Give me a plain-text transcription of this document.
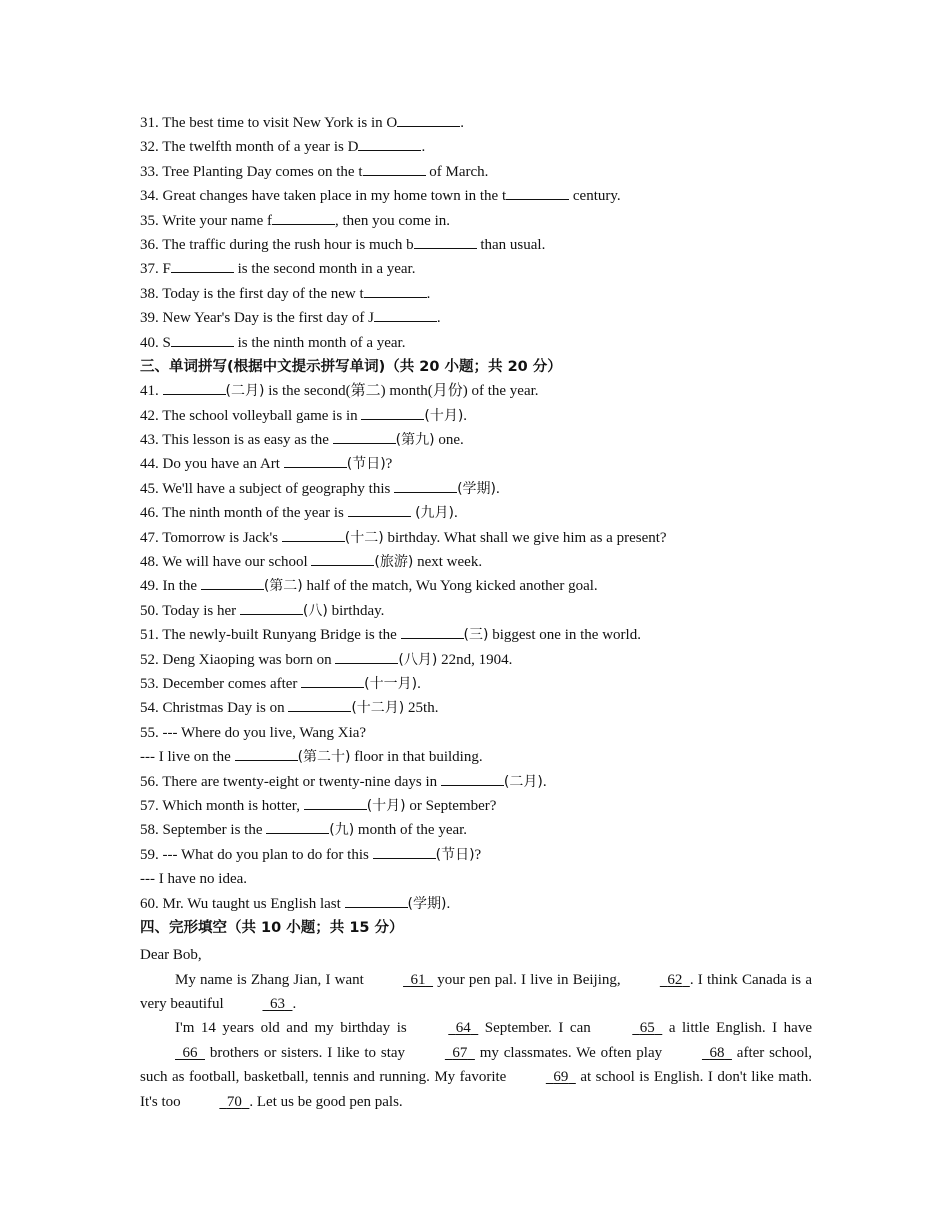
31. The best time to visit New York is in O	.
32. The twelfth month of a year is D	.
33. Tree Planting Day comes on the t	of March.
34. Great changes have taken place in my home town in the t	century.
35. Write your name f	, then you come in.
36. The traffic during the rush hour is much b	than usual.
37. F	is the second month in a year.
38. Today is the first day of the new t	.
39. New Year's Day is the first day of J	.
40. S	is the ninth month of a year.
三、单词拼写(根据中文提示拼写单词)（共 20 小题；共 20 分）
41.	(二月) is the second(第二) month(月份) of the year.
42. The school volleyball game is in	(十月).
43. This lesson is as easy as the	(第九) one.
44. Do you have an Art	(节日)?
45. We'll have a subject of geography this	(学期).
46. The ninth month of the year is	(九月).
47. Tomorrow is Jack's	(十二) birthday. What shall we give him as a present?
48. We will have our school	(旅游) next week.
49. In the	(第二) half of the match, Wu Yong kicked another goal.
50. Today is her	(八) birthday.
51. The newly-built Runyang Bridge is the	(三) biggest one in the world.
52. Deng Xiaoping was born on	(八月) 22nd, 1904.
53. December comes after	(十一月).
54. Christmas Day is on	(十二月) 25th.
55. --- Where do you live, Wang Xia?
--- I live on the	(第二十) floor in that building.
56. There are twenty-eight or twenty-nine days in	(二月).
57. Which month is hotter,	(十月) or September?
58. September is the	(九) month of the year.
59. --- What do you plan to do for this	(节日)?
--- I have no idea.
60. Mr. Wu taught us English last	(学期).
四、完形填空（共 10 小题；共 15 分）
Dear Bob,
My name is Zhang Jian, I want	61   your pen pal. I live in Beijing,	62 . I think Canada is a very beautiful	63 .
I'm 14 years old and my birthday is	64   September. I can	65   a little English. I have   66   brothers or sisters. I like to stay	67   my classmates. We often play	68   after school, such as football, basketball, tennis and running. My favorite	69   at school is English. I don't like math. It's too	70 . Let us be good pen pals.
